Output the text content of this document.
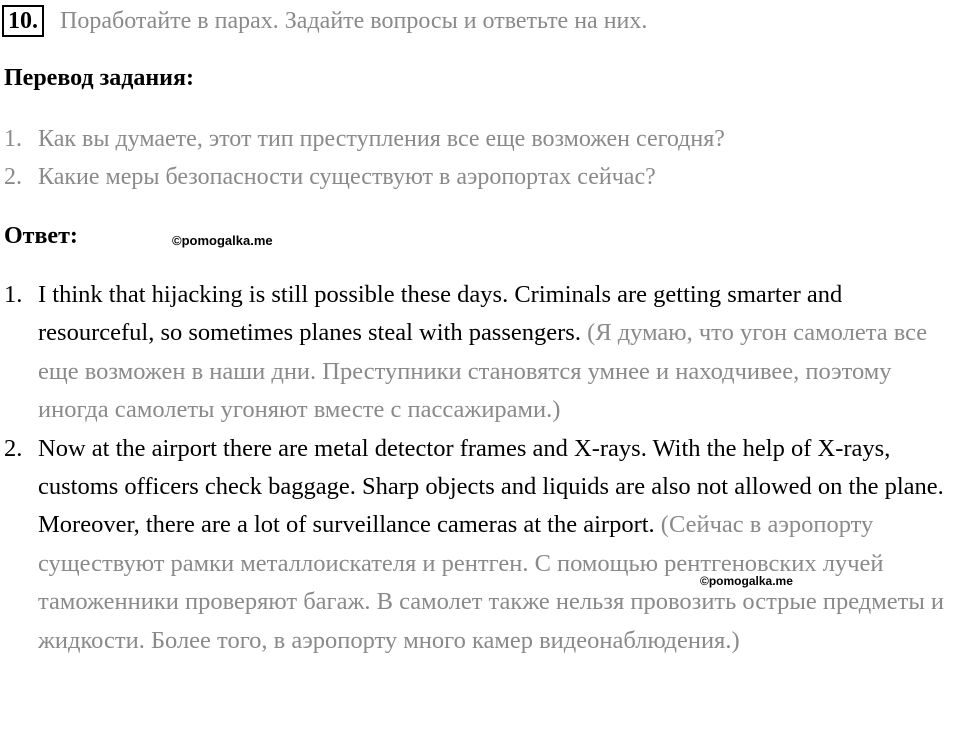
10. Поработайте в парах. Задайте вопросы и ответьте на них.
Перевод задания:
1. Как вы думаете, этот тип преступления все еще возможен сегодня?
2. Какие меры безопасности существуют в аэропортах сейчас?
Ответ:	©pomogalka.me
1. I think that hijacking is still possible these days. Criminals are getting smarter and resourceful, so sometimes planes steal with passengers. (Я думаю, что угон самолета все еще возможен в наши дни. Преступники становятся умнее и находчивее, поэтому иногда самолеты угоняют вместе с пассажирами.)
2. Now at the airport there are metal detector frames and X-rays. With the help of X-rays, customs officers check baggage. Sharp objects and liquids are also not allowed on the plane. Moreover, there are a lot of surveillance cameras at the airport. (Сейчас в аэропорту существуют рамки металлоискателя и рентген. С помощью рентгеновских лучей таможенники проверяют багаж. В самолет также нельзя провозить острые предметы и жидкости. Более того, в аэропорту много камер видеонаблюдения.)
©pomogalka.me
